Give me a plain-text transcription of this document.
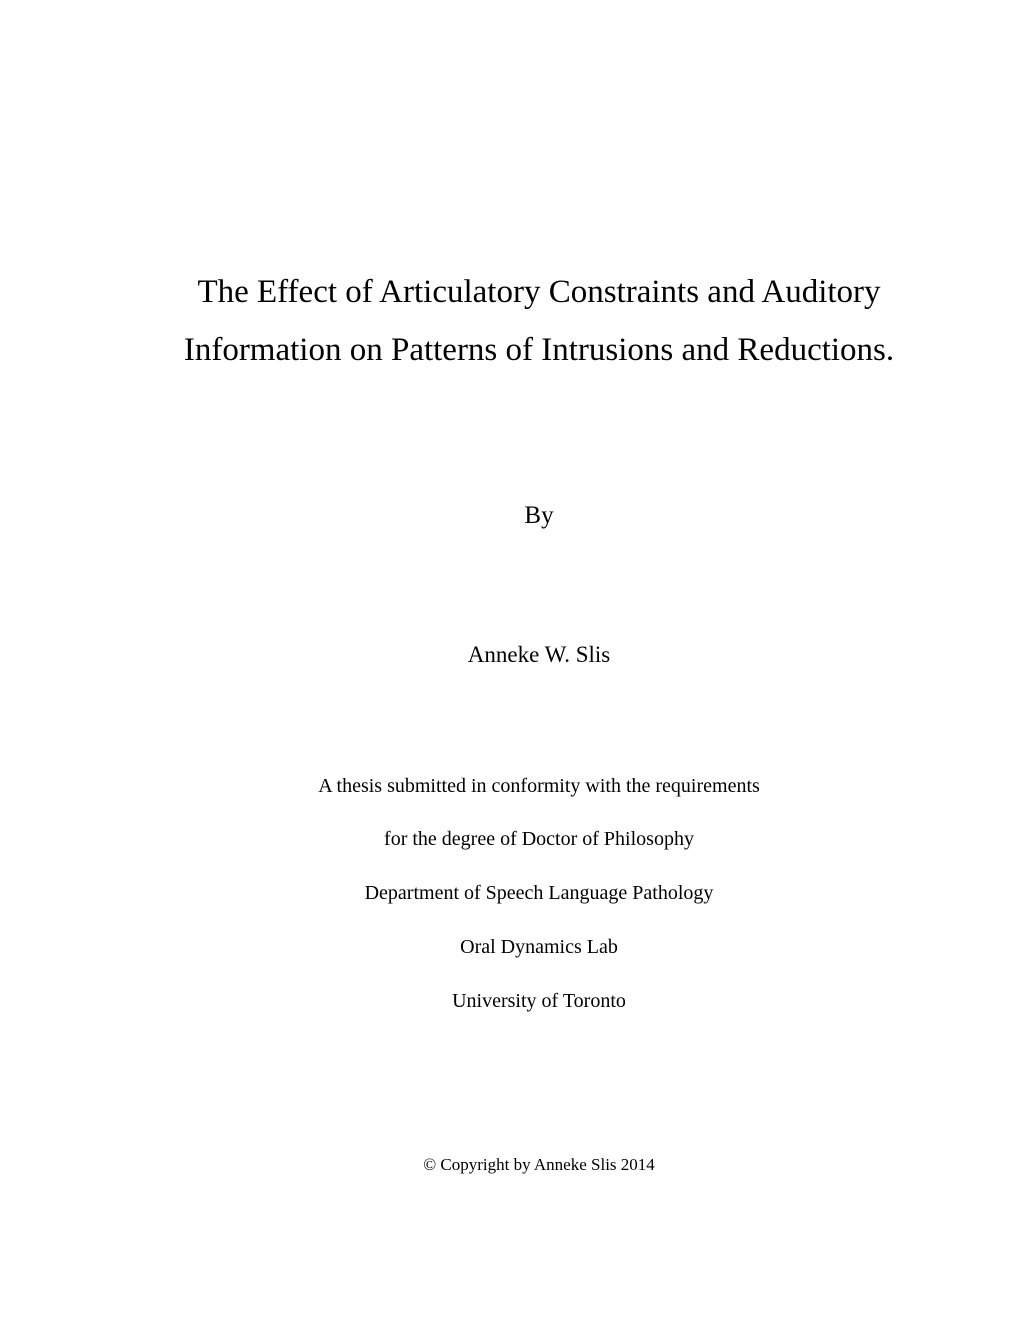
The Effect of Articulatory Constraints and Auditory
Information on Patterns of Intrusions and Reductions.
By
Anneke W. Slis
A thesis submitted in conformity with the requirements
for the degree of Doctor of Philosophy
Department of Speech Language Pathology
Oral Dynamics Lab
University of Toronto
© Copyright by Anneke Slis 2014
